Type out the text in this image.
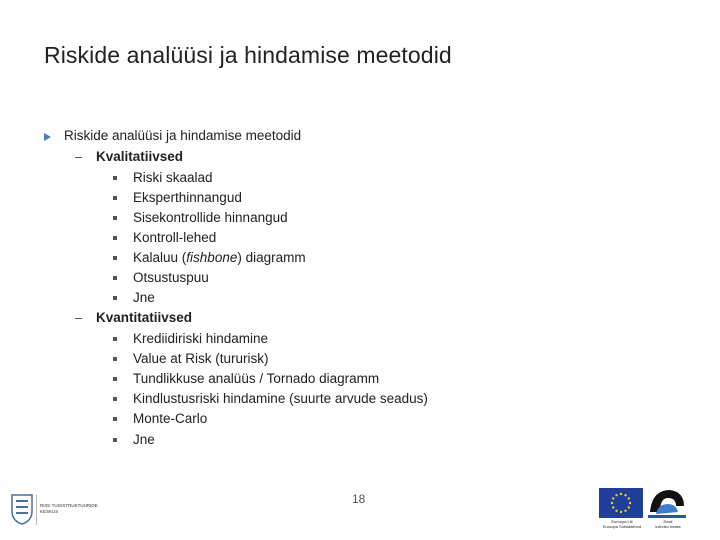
Riskide analüüsi ja hindamise meetodid
Riskide analüüsi ja hindamise meetodid
Kvalitatiivsed
Riski skaalad
Eksperthinnangud
Sisekontrollide hinnangud
Kontroll-lehed
Kalaluu (fishbone) diagramm
Otsustuspuu
Jne
Kvantitatiivsed
Krediidiriski hindamine
Value at Risk (tururisk)
Tundlikkuse analüüs / Tornado diagramm
Kindlustusriski hindamine (suurte arvude seadus)
Monte-Carlo
Jne
18
RIIGI TUGISTRUKTUURIDE
KESKUS
Euroopa Liit
Euroopa Sotsiaalfond
Eesti
tuleviku heaks
